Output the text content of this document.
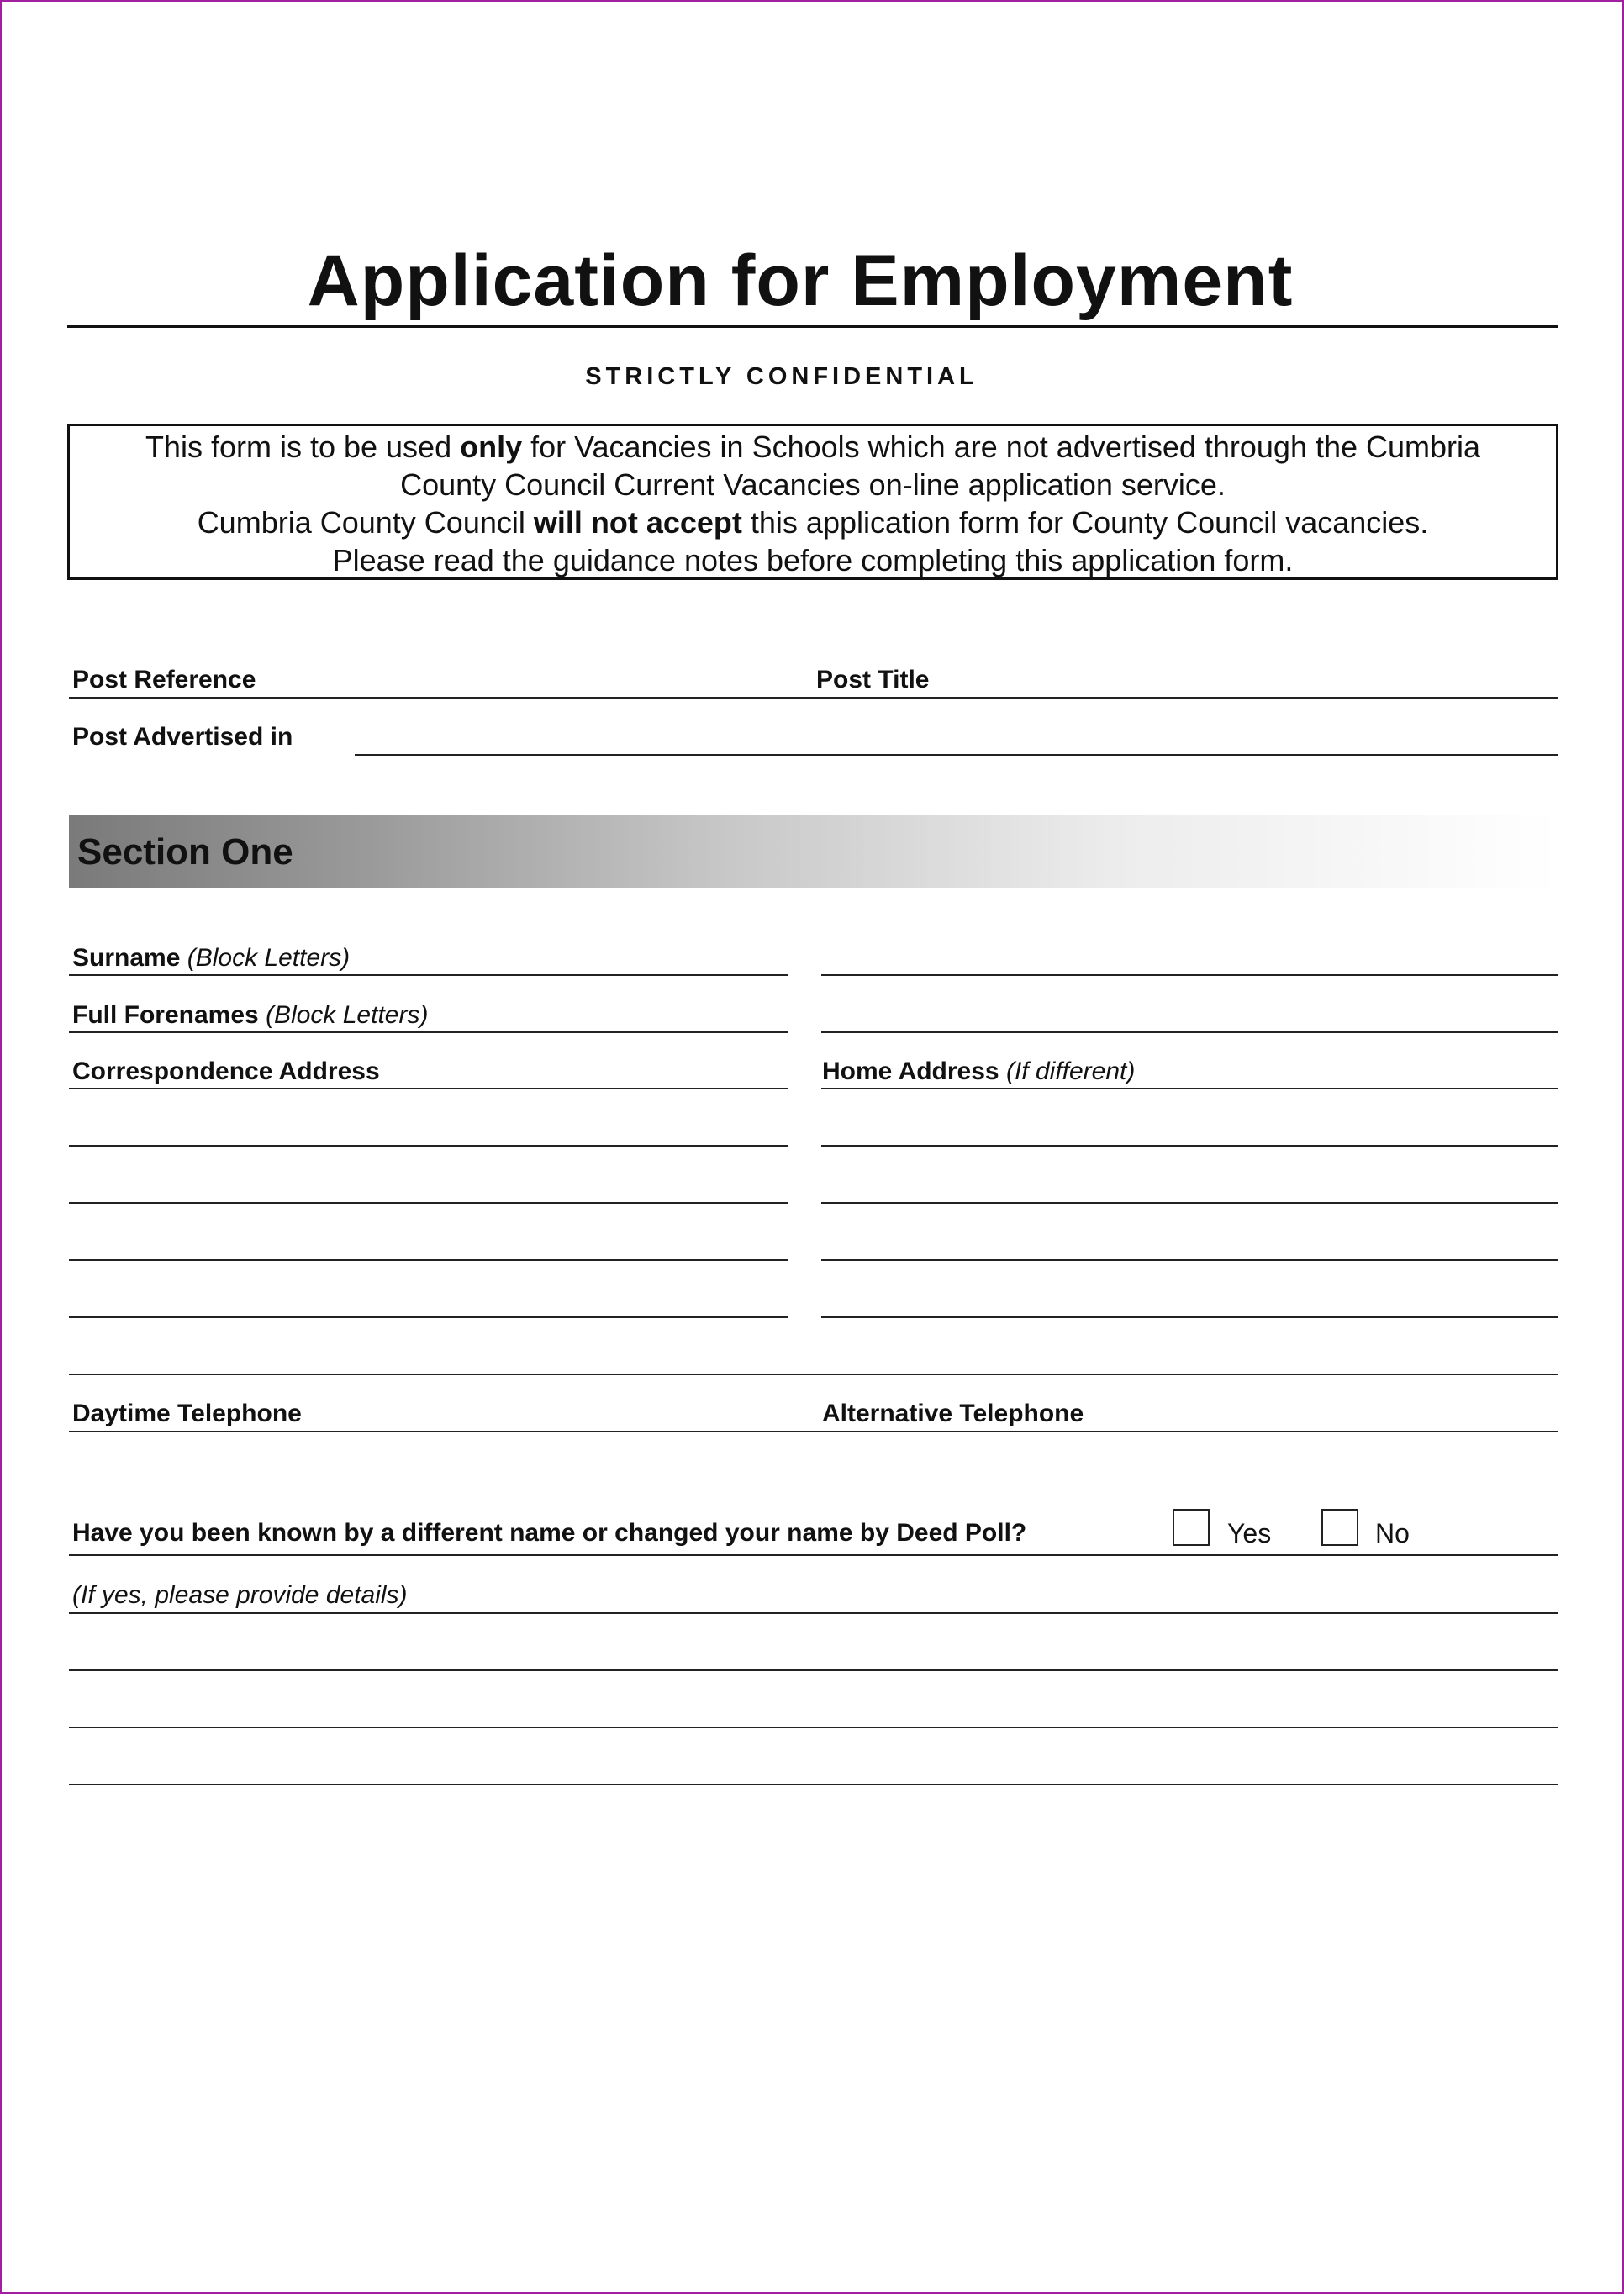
Application for Employment
STRICTLY CONFIDENTIAL

This form is to be used only for Vacancies in Schools which are not advertised through the Cumbria

County Council Current Vacancies on-line application service.

Cumbria County Council will not accept this application form for County Council vacancies.

Please read the guidance notes before completing this application form.

Post Reference	Post Title
Post Advertised in
Section One
Surname (Block Letters)
Full Forenames (Block Letters)
Correspondence Address	Home Address (If different)
Daytime Telephone	Alternative Telephone
Have you been known by a different name or changed your name by Deed Poll?	Yes	No
(If yes, please provide details)
